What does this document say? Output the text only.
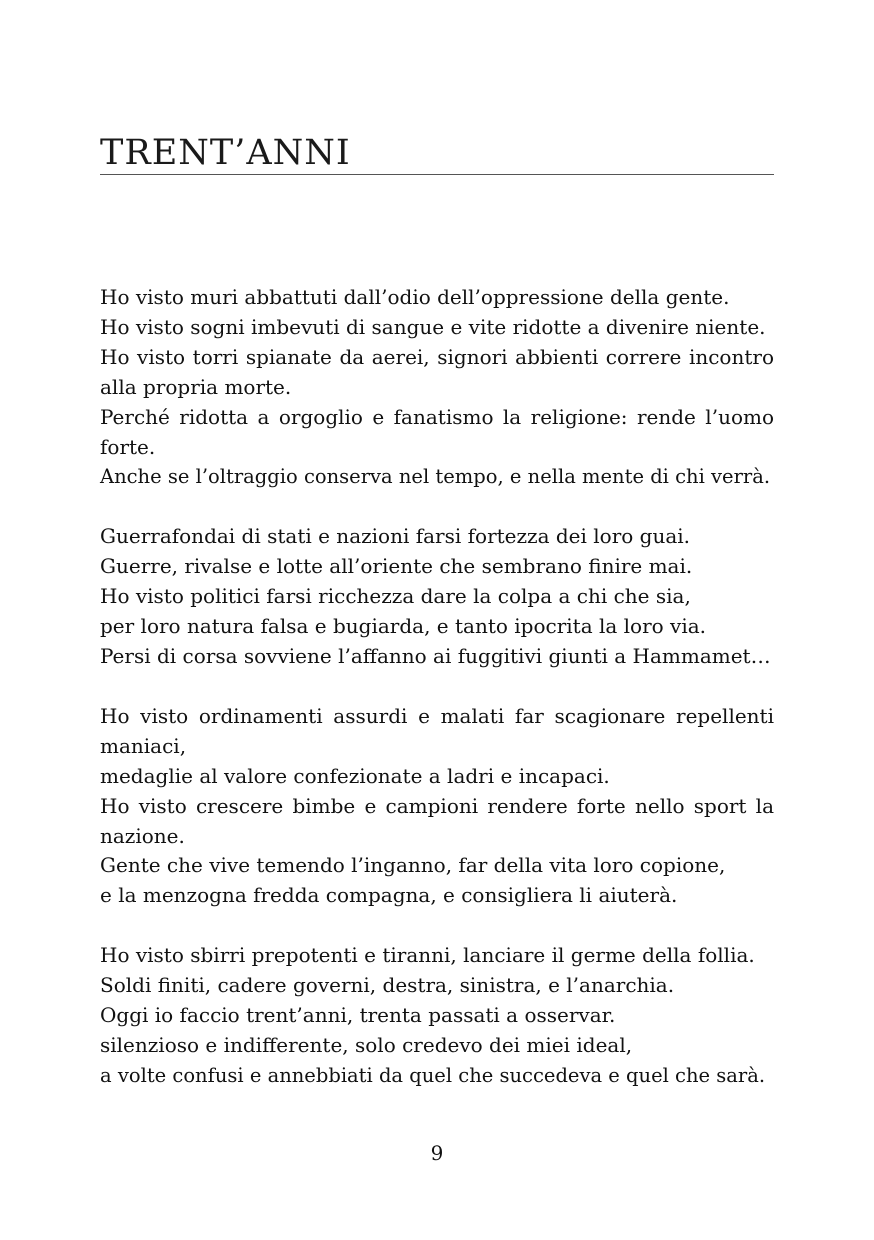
TRENT’ANNI
Ho visto muri abbattuti dall’odio dell’oppressione della gente.
Ho visto sogni imbevuti di sangue e vite ridotte a divenire niente.
Ho visto torri spianate da aerei, signori abbienti correre incontro alla propria morte.
Perché ridotta a orgoglio e fanatismo la religione: rende l’uomo forte.
Anche se l’oltraggio conserva nel tempo, e nella mente di chi verrà.
Guerrafondai di stati e nazioni farsi fortezza dei loro guai.
Guerre, rivalse e lotte all’oriente che sembrano finire mai.
Ho visto politici farsi ricchezza dare la colpa a chi che sia,
per loro natura falsa e bugiarda, e tanto ipocrita la loro via.
Persi di corsa sovviene l’affanno ai fuggitivi giunti a Hammamet…
Ho visto ordinamenti assurdi e malati far scagionare repellenti maniaci,
medaglie al valore confezionate a ladri e incapaci.
Ho visto crescere bimbe e campioni rendere forte nello sport la nazione.
Gente che vive temendo l’inganno, far della vita loro copione,
e la menzogna fredda compagna, e consigliera li aiuterà.
Ho visto sbirri prepotenti e tiranni, lanciare il germe della follia.
Soldi finiti, cadere governi, destra, sinistra, e l’anarchia.
Oggi io faccio trent’anni, trenta passati a osservar.
silenzioso e indifferente, solo credevo dei miei ideal,
a volte confusi e annebbiati da quel che succedeva e quel che sarà.
9
